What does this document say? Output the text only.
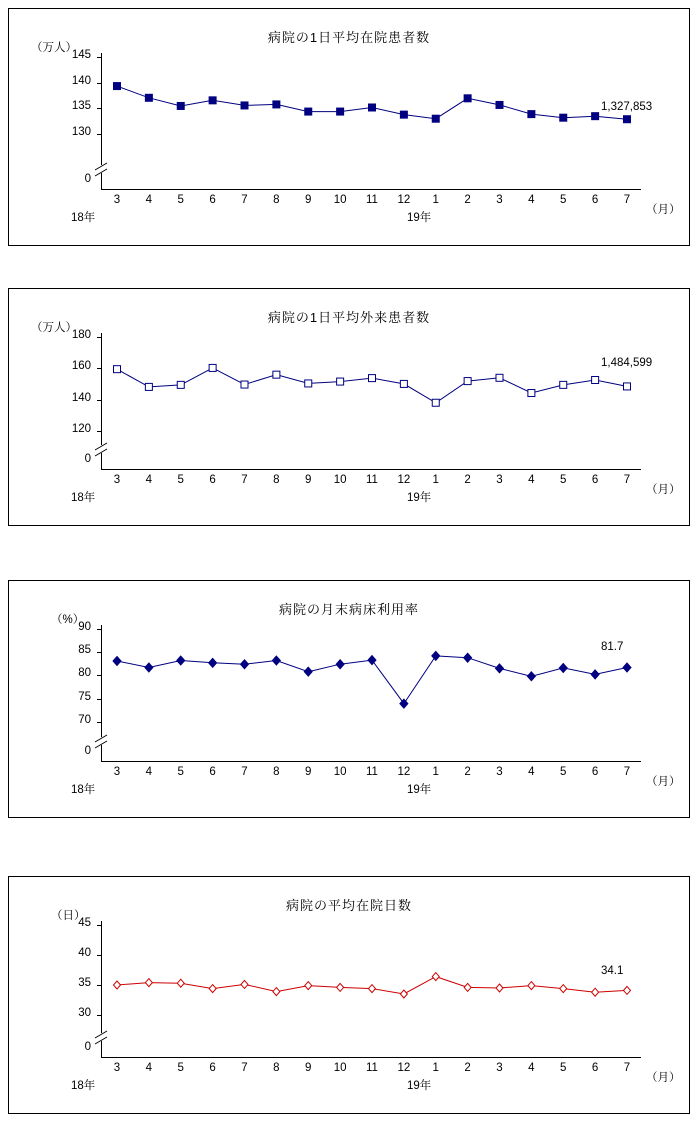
病院の1日平均在院患者数
（万人）
1,327,853
（月）
18年	19年
130
135
140
145
0
3	4	5	6	7	8	9	10	11	12	1	2	3	4	5	6	7
病院の1日平均外来患者数
（万人）
1,484,599
（月）
18年	19年
120
140
160
180
0
3	4	5	6	7	8	9	10	11	12	1	2	3	4	5	6	7
病院の月末病床利用率
（%）
81.7
（月）
18年	19年
70
75
80
85
90
0
3	4	5	6	7	8	9	10	11	12	1	2	3	4	5	6	7
病院の平均在院日数
（日）
34.1
（月）
18年	19年
30
35
40
45
0
3	4	5	6	7	8	9	10	11	12	1	2	3	4	5	6	7
